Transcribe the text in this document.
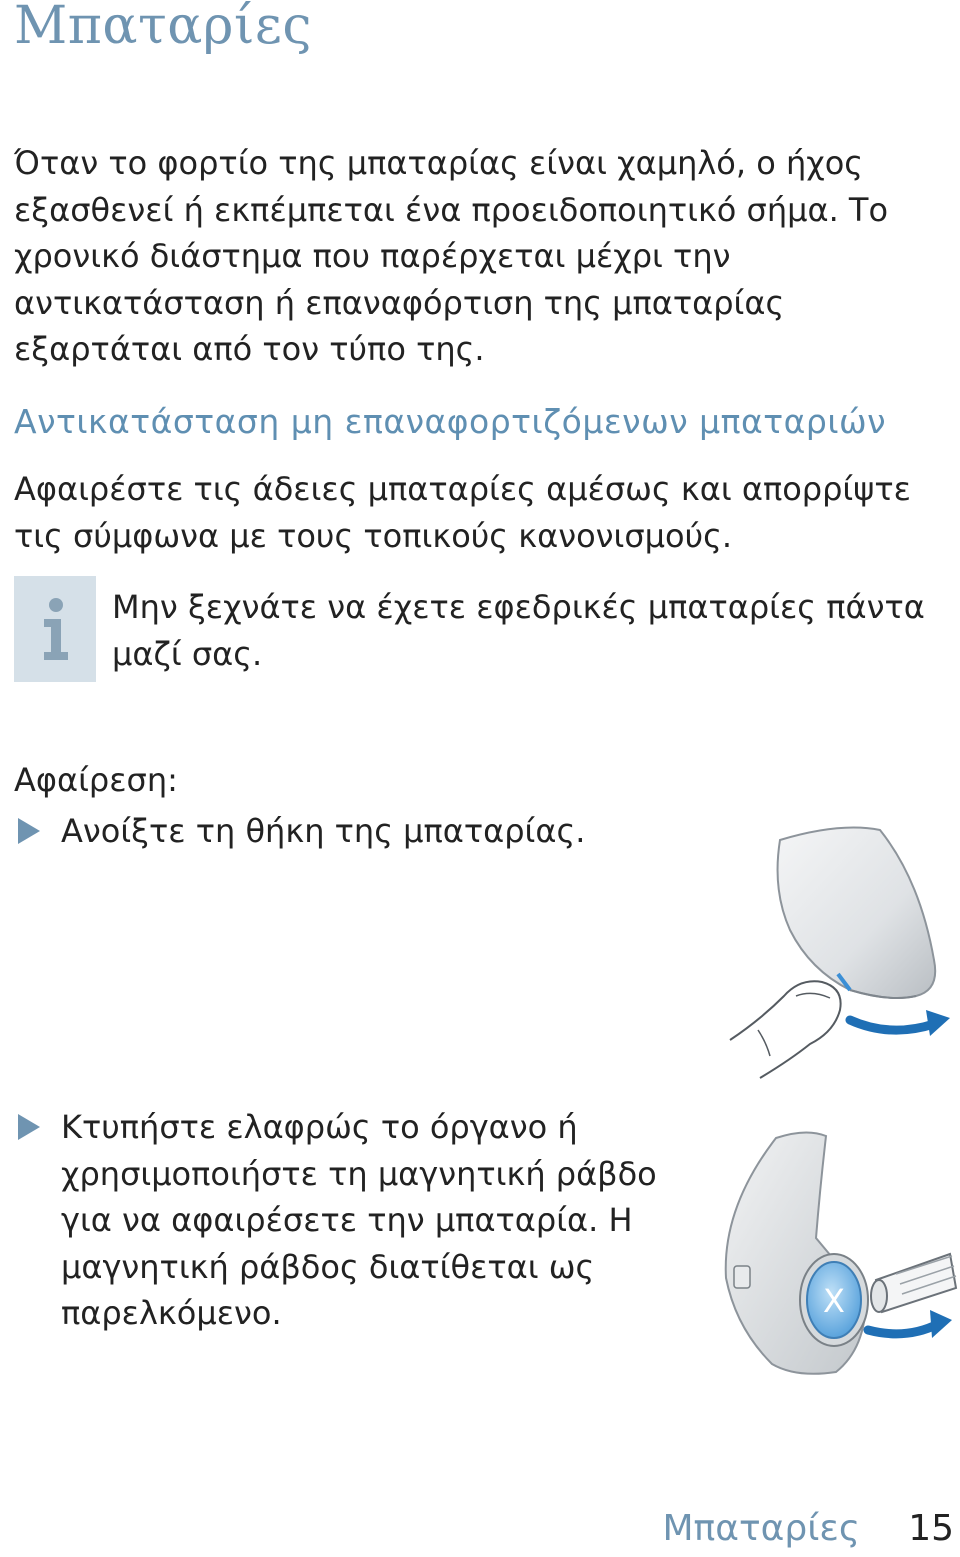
Μπαταρίες

Όταν το φορτίο της μπαταρίας είναι χαμηλό, ο ήχος εξασθενεί ή εκπέμπεται ένα προειδοποιητικό σήμα. Το χρονικό διάστημα που παρέρχεται μέχρι την αντικατάσταση ή επαναφόρτιση της μπαταρίας εξαρτάται από τον τύπο της.

Αντικατάσταση μη επαναφορτιζόμενων μπαταριών

Αφαιρέστε τις άδειες μπαταρίες αμέσως και απορρίψτε τις σύμφωνα με τους τοπικούς κανονισμούς.

Μην ξεχνάτε να έχετε εφεδρικές μπαταρίες πάντα μαζί σας.

Αφαίρεση:

Ανοίξτε τη θήκη της μπαταρίας.

Κτυπήστε ελαφρώς το όργανο ή χρησιμοποιήστε τη μαγνητική ράβδο για να αφαιρέσετε την μπαταρία. Η μαγνητική ράβδος διατίθεται ως παρελκόμενο.	X

Μπαταρίες 15
